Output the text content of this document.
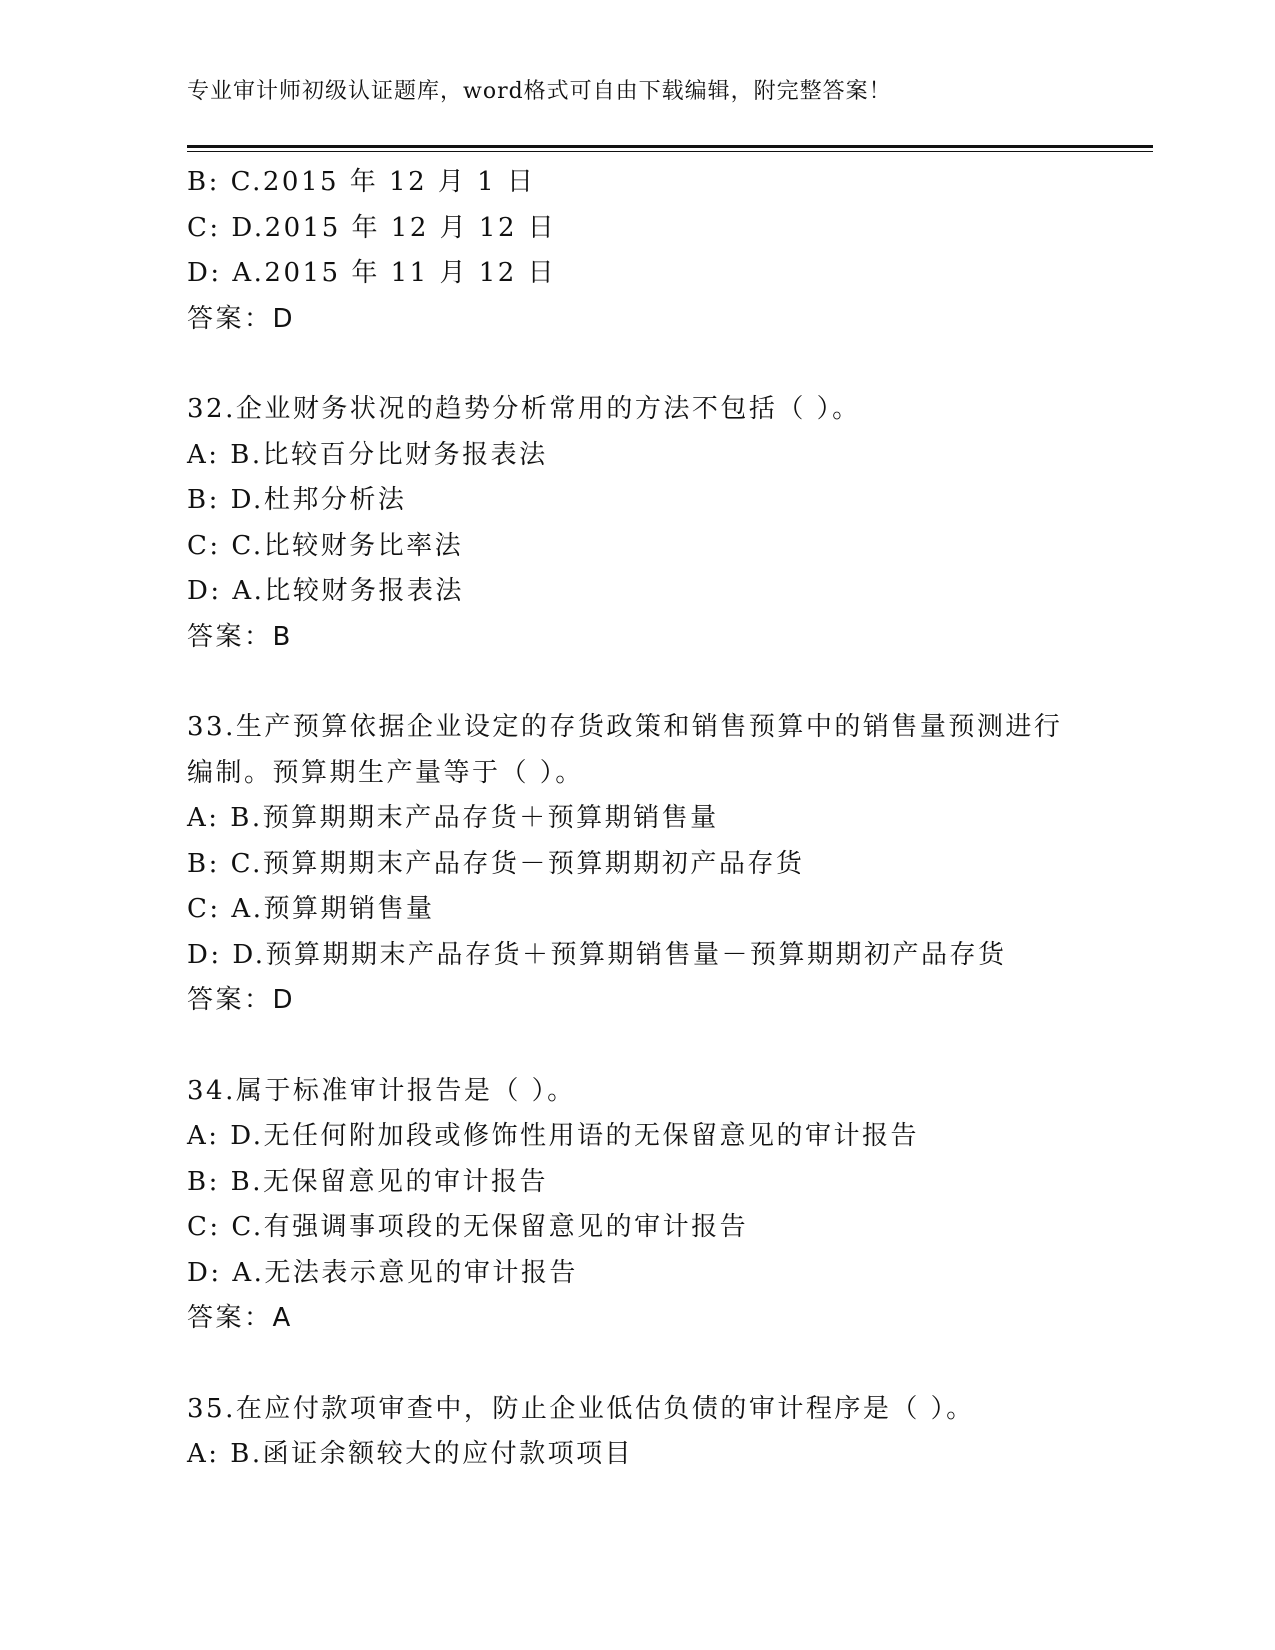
专业审计师初级认证题库，word格式可自由下载编辑，附完整答案！
B: C.2015 年 12 月 1 日
C: D.2015 年 12 月 12 日
D: A.2015 年 11 月 12 日
答案：D
32.企业财务状况的趋势分析常用的方法不包括（ ）。
A: B.比较百分比财务报表法
B: D.杜邦分析法
C: C.比较财务比率法
D: A.比较财务报表法
答案：B
33.生产预算依据企业设定的存货政策和销售预算中的销售量预测进行
编制。预算期生产量等于（ ）。
A: B.预算期期末产品存货＋预算期销售量
B: C.预算期期末产品存货－预算期期初产品存货
C: A.预算期销售量
D: D.预算期期末产品存货＋预算期销售量－预算期期初产品存货
答案：D
34.属于标准审计报告是（ ）。
A: D.无任何附加段或修饰性用语的无保留意见的审计报告
B: B.无保留意见的审计报告
C: C.有强调事项段的无保留意见的审计报告
D: A.无法表示意见的审计报告
答案：A
35.在应付款项审查中，防止企业低估负债的审计程序是（ ）。
A: B.函证余额较大的应付款项项目
